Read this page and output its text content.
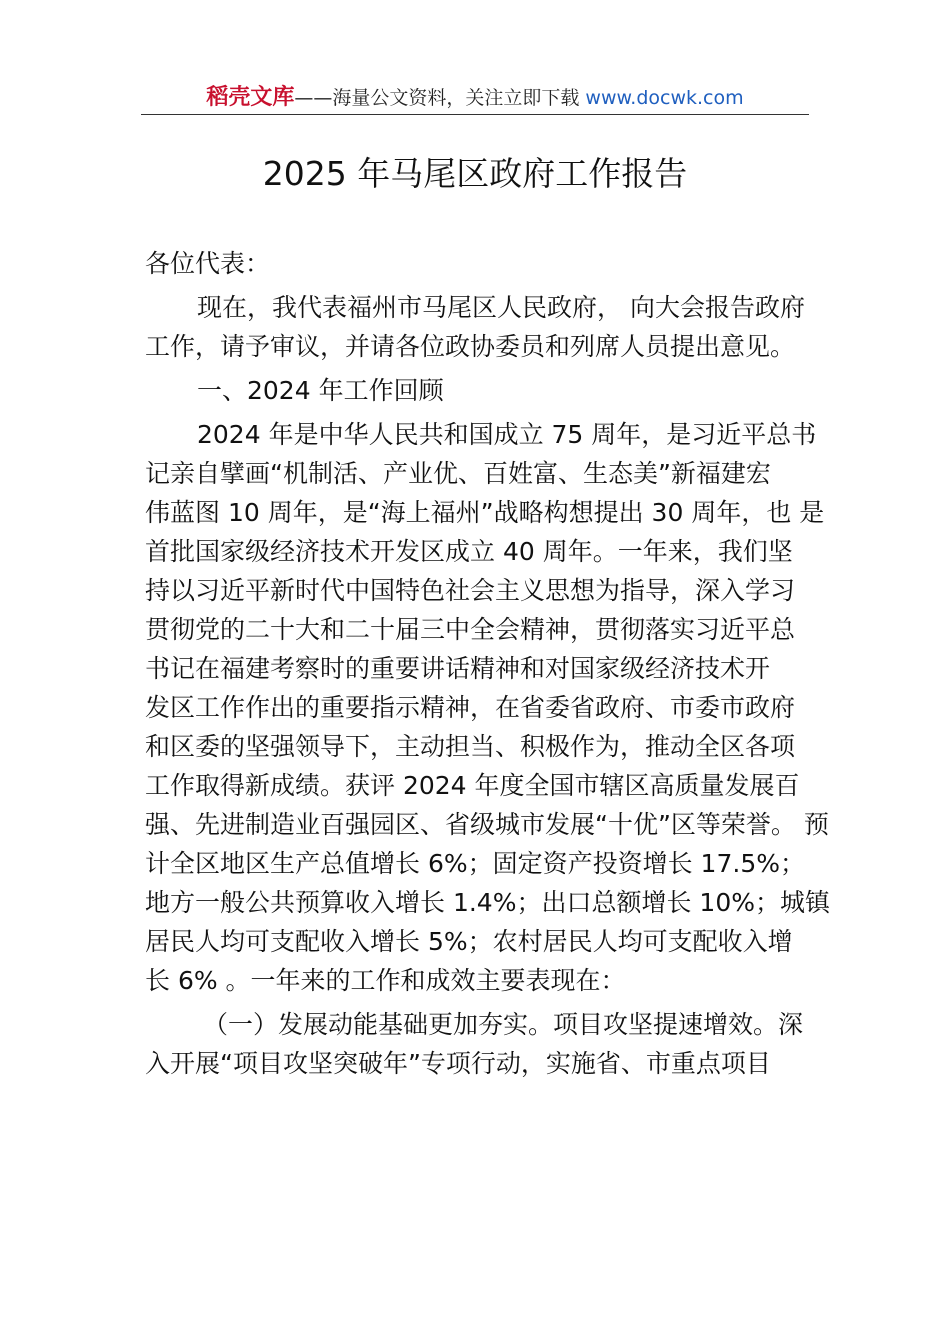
稻壳文库——海量公文资料，关注立即下载 www.docwk.com
2025 年马尾区政府工作报告
各位代表：
现在，我代表福州市马尾区人民政府， 向大会报告政府
工作，请予审议，并请各位政协委员和列席人员提出意见。
一、2024 年工作回顾
2024 年是中华人民共和国成立 75 周年，是习近平总书
记亲自擘画“机制活、产业优、百姓富、生态美”新福建宏
伟蓝图 10 周年，是“海上福州”战略构想提出 30 周年，也 是
首批国家级经济技术开发区成立 40 周年。一年来，我们坚
持以习近平新时代中国特色社会主义思想为指导，深入学习
贯彻党的二十大和二十届三中全会精神，贯彻落实习近平总
书记在福建考察时的重要讲话精神和对国家级经济技术开
发区工作作出的重要指示精神，在省委省政府、市委市政府
和区委的坚强领导下，主动担当、积极作为，推动全区各项
工作取得新成绩。获评 2024 年度全国市辖区高质量发展百
强、先进制造业百强园区、省级城市发展“十优”区等荣誉。 预
计全区地区生产总值增长 6%；固定资产投资增长 17.5%；
地方一般公共预算收入增长 1.4%；出口总额增长 10%；城镇
居民人均可支配收入增长 5%；农村居民人均可支配收入增
长 6% 。一年来的工作和成效主要表现在：
（一）发展动能基础更加夯实。项目攻坚提速增效。深
入开展“项目攻坚突破年”专项行动，实施省、市重点项目
